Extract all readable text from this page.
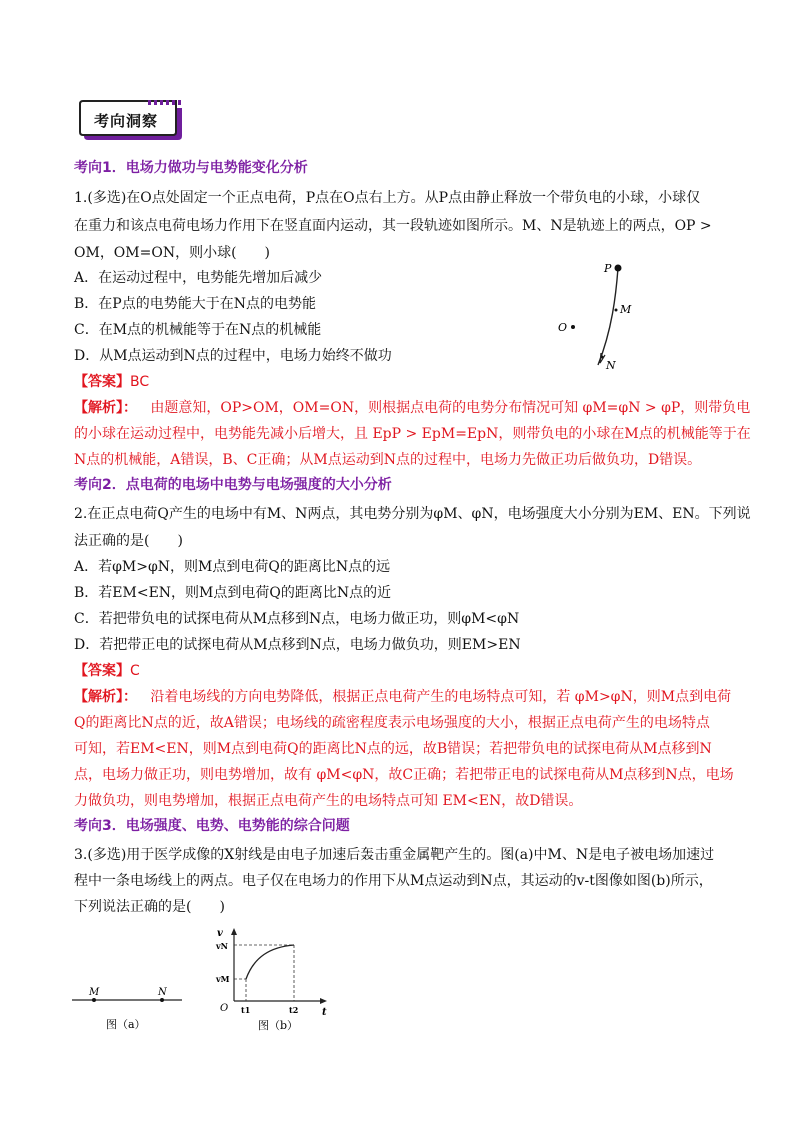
考向洞察
考向1．电场力做功与电势能变化分析
1.(多选)在O点处固定一个正点电荷，P点在O点右上方。从P点由静止释放一个带负电的小球，小球仅
在重力和该点电荷电场力作用下在竖直面内运动，其一段轨迹如图所示。M、N是轨迹上的两点，OP >
OM，OM=ON，则小球(　　)
A．在运动过程中，电势能先增加后减少
B．在P点的电势能大于在N点的电势能
C．在M点的机械能等于在N点的机械能
D．从M点运动到N点的过程中，电场力始终不做功
【答案】BC
【解析】： 由题意知，OP>OM，OM=ON，则根据点电荷的电势分布情况可知 φM=φN > φP，则带负电
的小球在运动过程中，电势能先减小后增大，且 EpP > EpM=EpN，则带负电的小球在M点的机械能等于在
N点的机械能，A错误，B、C正确；从M点运动到N点的过程中，电场力先做正功后做负功，D错误。
P
M
N
O
考向2．点电荷的电场中电势与电场强度的大小分析
2.在正点电荷Q产生的电场中有M、N两点，其电势分别为φM、φN，电场强度大小分别为EM、EN。下列说
法正确的是(　　)
A．若φM>φN，则M点到电荷Q的距离比N点的远
B．若EM<EN，则M点到电荷Q的距离比N点的近
C．若把带负电的试探电荷从M点移到N点，电场力做正功，则φM<φN
D．若把带正电的试探电荷从M点移到N点，电场力做负功，则EM>EN
【答案】C
【解析】： 沿着电场线的方向电势降低，根据正点电荷产生的电场特点可知，若 φM>φN，则M点到电荷
Q的距离比N点的近，故A错误；电场线的疏密程度表示电场强度的大小，根据正点电荷产生的电场特点
可知，若EM<EN，则M点到电荷Q的距离比N点的远，故B错误；若把带负电的试探电荷从M点移到N
点，电场力做正功，则电势增加，故有 φM<φN，故C正确；若把带正电的试探电荷从M点移到N点，电场
力做负功，则电势增加，根据正点电荷产生的电场特点可知 EM<EN，故D错误。
考向3．电场强度、电势、电势能的综合问题
3.(多选)用于医学成像的X射线是由电子加速后轰击重金属靶产生的。图(a)中M、N是电子被电场加速过
程中一条电场线上的两点。电子仅在电场力的作用下从M点运动到N点，其运动的v-t图像如图(b)所示，
下列说法正确的是(　　)
M	N
图（a）
v
t
O
vN
vM
t1	t2
图（b）
